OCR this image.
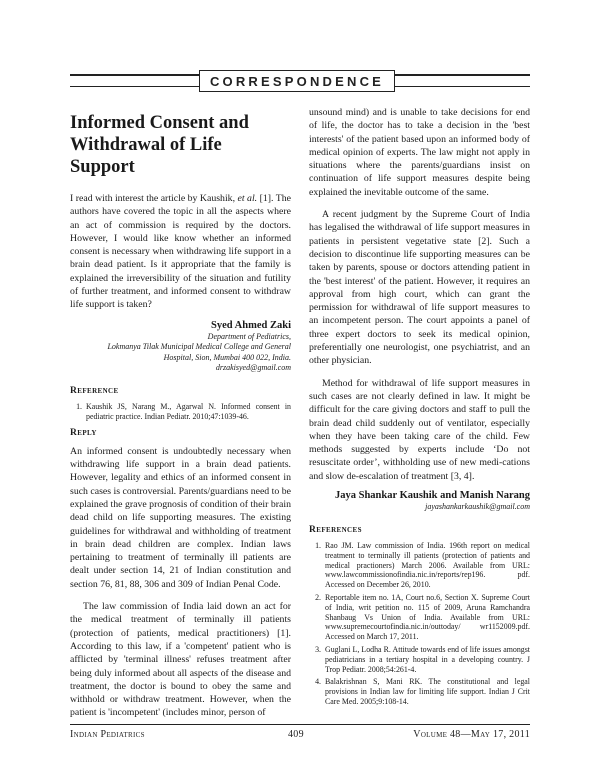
CORRESPONDENCE
Informed Consent and
Withdrawal of Life Support

I read with interest the article by Kaushik, et al. [1]. The authors have covered the topic in all the aspects where an act of commission is required by the doctors. However, I would like know whether an informed consent is necessary when withdrawing life support in a brain dead patient. Is it appropriate that the family is explained the irreversibility of the situation and futility of further treatment, and informed consent to withdraw life support is taken?

Syed Ahmed Zaki
Department of Pediatrics,
Lokmanya Tilak Municipal Medical College and General
Hospital, Sion, Mumbai 400 022, India.
drzakisyed@gmail.com
Reference
1. Kaushik JS, Narang M., Agarwal N. Informed consent in pediatric practice. Indian Pediatr. 2010;47:1039-46.
Reply

An informed consent is undoubtedly necessary when withdrawing life support in a brain dead patients. However, legality and ethics of an informed consent in such cases is controversial. Parents/guardians need to be explained the grave prognosis of condition of their brain dead child on life supporting measures. The existing guidelines for withdrawal and withholding of treatment in brain dead children are complex. Indian laws pertaining to treatment of terminally ill patients are dealt under section 14, 21 of Indian constitution and section 76, 81, 88, 306 and 309 of Indian Penal Code.

The law commission of India laid down an act for the medical treatment of terminally ill patients (protection of patients, medical practitioners) [1]. According to this law, if a 'competent' patient who is afflicted by 'terminal illness' refuses treatment after being duly informed about all aspects of the disease and treatment, the doctor is bound to obey the same and withhold or withdraw treatment. However, when the patient is 'incompetent' (includes minor, person of

unsound mind) and is unable to take decisions for end of life, the doctor has to take a decision in the 'best interests' of the patient based upon an informed body of medical opinion of experts. The law might not apply in situations where the parents/guardians insist on continuation of life support measures despite being explained the inevitable outcome of the same.

A recent judgment by the Supreme Court of India has legalised the withdrawal of life support measures in patients in persistent vegetative state [2]. Such a decision to discontinue life supporting measures can be taken by parents, spouse or doctors attending patient in the 'best interest' of the patient. However, it requires an approval from high court, which can grant the permission for withdrawal of life support measures to an incompetent person. The court appoints a panel of three expert doctors to seek its medical opinion, preferentially one neurologist, one psychiatrist, and an other physician.

Method for withdrawal of life support measures in such cases are not clearly defined in law. It might be difficult for the care giving doctors and staff to pull the brain dead child suddenly out of ventilator, especially when they have been taking care of the child. Few methods suggested by experts include ‘Do not resuscitate order’, withholding use of new medi-cations and slow de-escalation of treatment [3, 4].

Jaya Shankar Kaushik and Manish Narang
jayashankarkaushik@gmail.com
References
1. Rao JM. Law commission of India. 196th report on medical treatment to terminally ill patients (protection of patients and medical practioners) March 2006. Available from URL: www.lawcommissionofindia.nic.in/reports/rep196. pdf. Accessed on December 26, 2010.
2. Reportable item no. 1A, Court no.6, Section X. Supreme Court of India, writ petition no. 115 of 2009, Aruna Ramchandra Shanbaug Vs Union of India. Available from URL: www.supremecourtofindia.nic.in/outtoday/ wr1152009.pdf. Accessed on March 17, 2011.
3. Guglani L, Lodha R. Attitude towards end of life issues amongst pediatricians in a tertiary hospital in a developing country. J Trop Pediatr. 2008;54:261-4.
4. Balakrishnan S, Mani RK. The constitutional and legal provisions in Indian law for limiting life support. Indian J Crit Care Med. 2005;9:108-14.
Indian Pediatrics	409	Volume 48—May 17, 2011
